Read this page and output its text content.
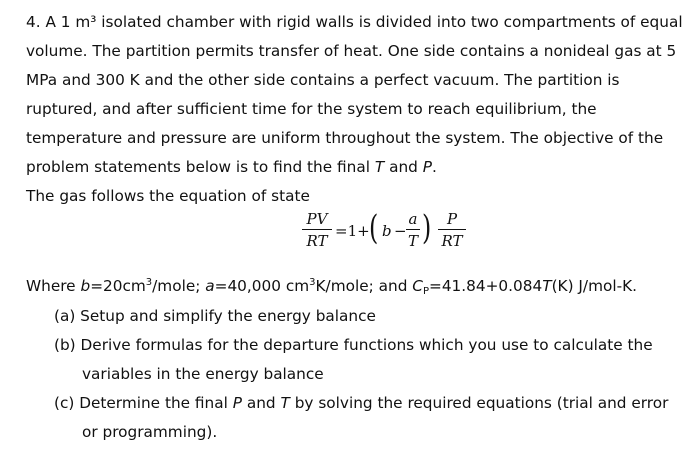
4. A 1 m³ isolated chamber with rigid walls is divided into two compartments of equal
volume. The partition permits transfer of heat. One side contains a nonideal gas at 5
MPa and 300 K and the other side contains a perfect vacuum. The partition is
ruptured, and after sufficient time for the system to reach equilibrium, the
temperature and pressure are uniform throughout the system. The objective of the
problem statements below is to find the final T and P.
The gas follows the equation of state
PV
RT
=1+ ( b −
a
T )	P
RT
Where $b=20cm^3$/mole; a=40,000 $cm^3K$/mole; and $C_P=41.84+0.084T(K)$ J/mol-K.
(a) Setup and simplify the energy balance
(b) Derive formulas for the departure functions which you use to calculate the
variables in the energy balance
(c) Determine the final P and T by solving the required equations (trial and error
or programming).
